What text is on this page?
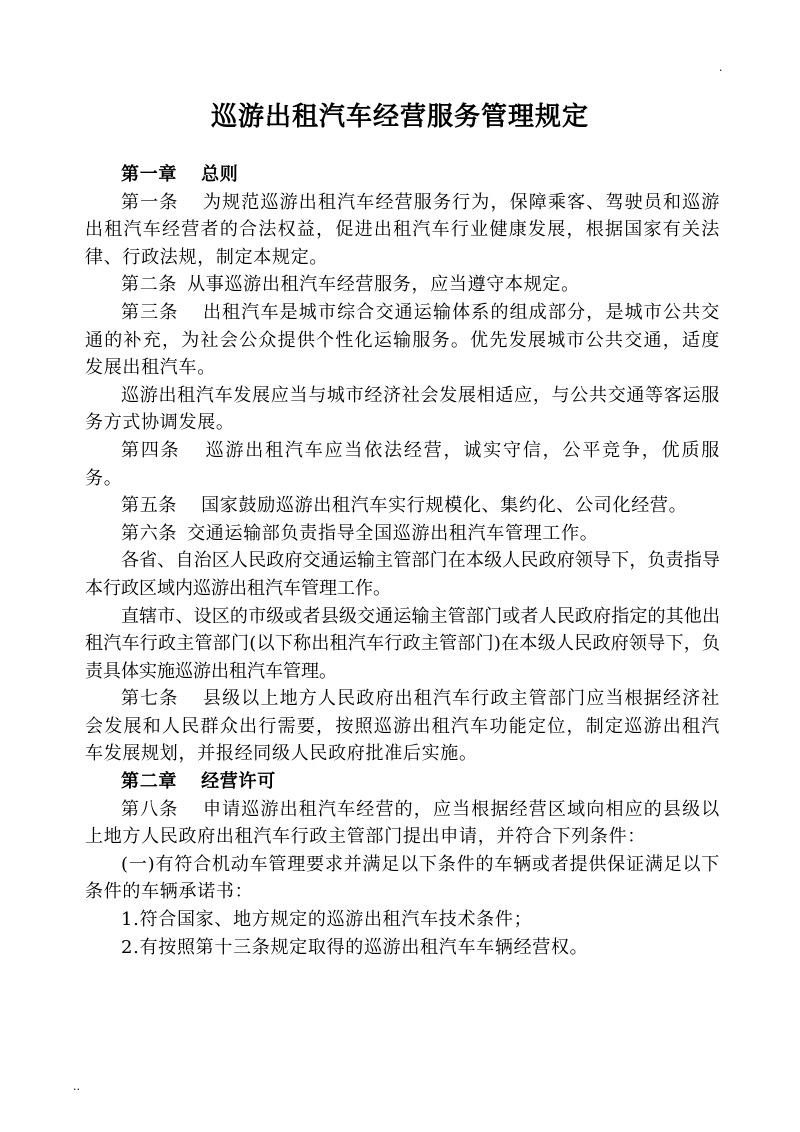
.
巡游出租汽车经营服务管理规定

第一章 总则

第一条 为规范巡游出租汽车经营服务行为，保障乘客、驾驶员和巡游出租汽车经营者的合法权益，促进出租汽车行业健康发展，根据国家有关法律、行政法规，制定本规定。

第二条 从事巡游出租汽车经营服务，应当遵守本规定。

第三条 出租汽车是城市综合交通运输体系的组成部分，是城市公共交通的补充，为社会公众提供个性化运输服务。优先发展城市公共交通，适度发展出租汽车。

巡游出租汽车发展应当与城市经济社会发展相适应，与公共交通等客运服务方式协调发展。

第四条 巡游出租汽车应当依法经营，诚实守信，公平竞争，优质服务。

第五条 国家鼓励巡游出租汽车实行规模化、集约化、公司化经营。

第六条 交通运输部负责指导全国巡游出租汽车管理工作。

各省、自治区人民政府交通运输主管部门在本级人民政府领导下，负责指导本行政区域内巡游出租汽车管理工作。

直辖市、设区的市级或者县级交通运输主管部门或者人民政府指定的其他出租汽车行政主管部门(以下称出租汽车行政主管部门)在本级人民政府领导下，负责具体实施巡游出租汽车管理。

第七条 县级以上地方人民政府出租汽车行政主管部门应当根据经济社会发展和人民群众出行需要，按照巡游出租汽车功能定位，制定巡游出租汽车发展规划，并报经同级人民政府批准后实施。

第二章 经营许可

第八条 申请巡游出租汽车经营的，应当根据经营区域向相应的县级以上地方人民政府出租汽车行政主管部门提出申请，并符合下列条件：

(一)有符合机动车管理要求并满足以下条件的车辆或者提供保证满足以下条件的车辆承诺书：

1.符合国家、地方规定的巡游出租汽车技术条件；

2.有按照第十三条规定取得的巡游出租汽车车辆经营权。

..
